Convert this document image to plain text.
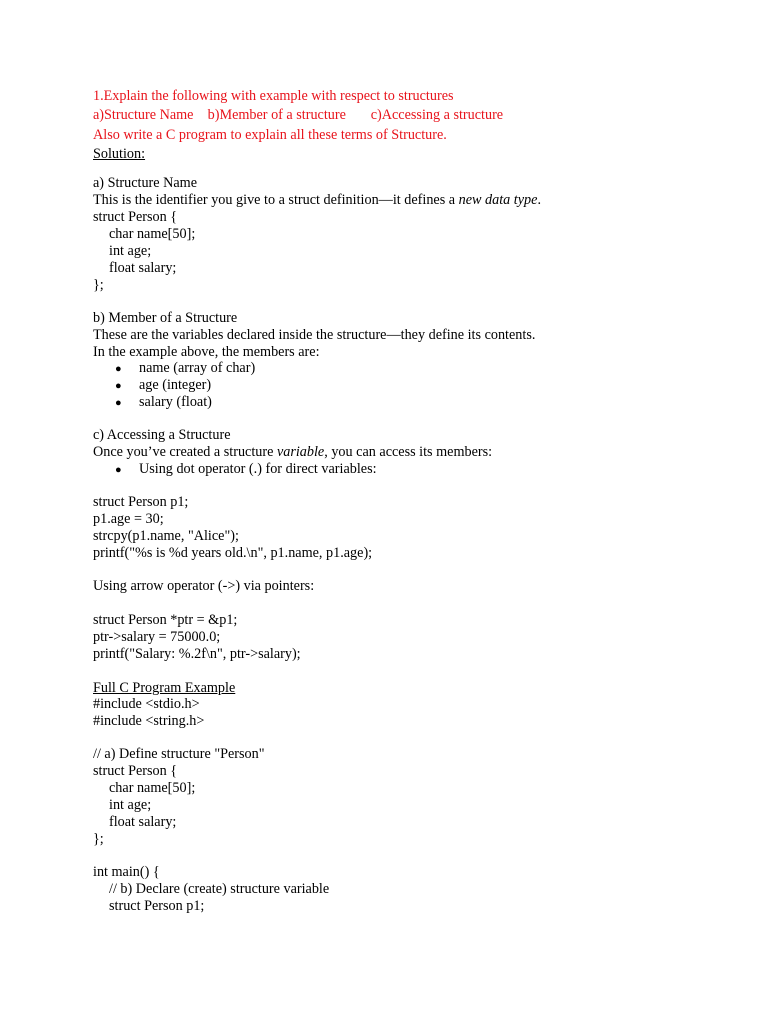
1.Explain the following with example with respect to structures
a)Structure Name    b)Member of a structure       c)Accessing a structure
Also write a C program to explain all these terms of Structure.
Solution:
a) Structure Name
This is the identifier you give to a struct definition—it defines a new data type.
struct Person {
char name[50];
int age;
float salary;
};
b) Member of a Structure
These are the variables declared inside the structure—they define its contents.
In the example above, the members are:
● name (array of char)
● age (integer)
● salary (float)
c) Accessing a Structure
Once you’ve created a structure variable, you can access its members:
● Using dot operator (.) for direct variables:
struct Person p1;
p1.age = 30;
strcpy(p1.name, "Alice");
printf("%s is %d years old.\n", p1.name, p1.age);
Using arrow operator (->) via pointers:
struct Person *ptr = &p1;
ptr->salary = 75000.0;
printf("Salary: %.2f\n", ptr->salary);
Full C Program Example
#include <stdio.h>
#include <string.h>
// a) Define structure "Person"
struct Person {
char name[50];
int age;
float salary;
};
int main() {
// b) Declare (create) structure variable
struct Person p1;
